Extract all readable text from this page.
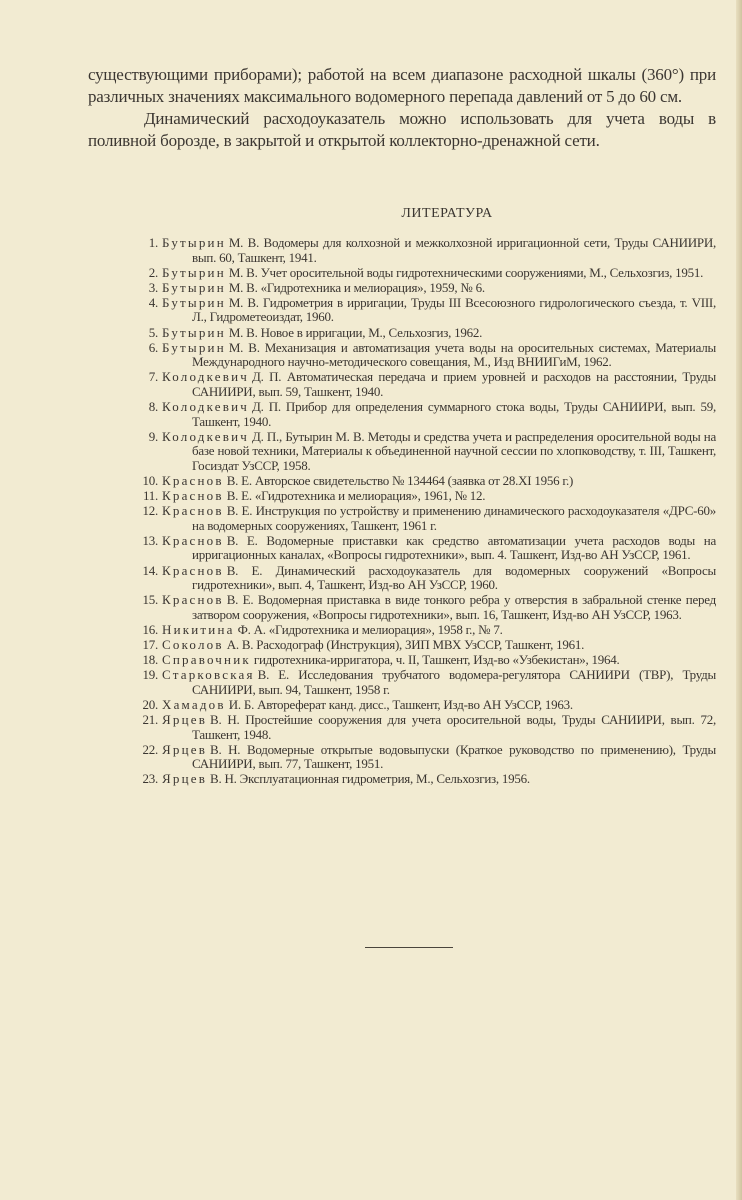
существующими приборами); работой на всем диапазоне расходной шкалы (360°) при различных значениях максимального водомерного перепада давлений от 5 до 60 см.

Динамический расходоуказатель можно использовать для учета воды в поливной борозде, в закрытой и открытой коллекторно-дренажной сети.

ЛИТЕРАТУРА
1. Бутырин М. В. Водомеры для колхозной и межколхозной ирригационной сети, Труды САНИИРИ, вып. 60, Ташкент, 1941.
2. Бутырин М. В. Учет оросительной воды гидротехническими сооружениями, М., Сельхозгиз, 1951.
3. Бутырин М. В. «Гидротехника и мелиорация», 1959, № 6.
4. Бутырин М. В. Гидрометрия в ирригации, Труды III Всесоюзного гидрологического съезда, т. VIII, Л., Гидрометеоиздат, 1960.
5. Бутырин М. В. Новое в ирригации, М., Сельхозгиз, 1962.
6. Бутырин М. В. Механизация и автоматизация учета воды на оросительных системах, Материалы Международного научно-методического совещания, М., Изд ВНИИГиМ, 1962.
7. Колодкевич Д. П. Автоматическая передача и прием уровней и расходов на расстоянии, Труды САНИИРИ, вып. 59, Ташкент, 1940.
8. Колодкевич Д. П. Прибор для определения суммарного стока воды, Труды САНИИРИ, вып. 59, Ташкент, 1940.
9. Колодкевич Д. П., Бутырин М. В. Методы и средства учета и распределения оросительной воды на базе новой техники, Материалы к объединенной научной сессии по хлопководству, т. III, Ташкент, Госиздат УзССР, 1958.
10. Краснов В. Е. Авторское свидетельство № 134464 (заявка от 28.XI 1956 г.)
11. Краснов В. Е. «Гидротехника и мелиорация», 1961, № 12.
12. Краснов В. Е. Инструкция по устройству и применению динамического расходоуказателя «ДРС-60» на водомерных сооружениях, Ташкент, 1961 г.
13. Краснов В. Е. Водомерные приставки как средство автоматизации учета расходов воды на ирригационных каналах, «Вопросы гидротехники», вып. 4. Ташкент, Изд-во АН УзССР, 1961.
14. Краснов В. Е. Динамический расходоуказатель для водомерных сооружений «Вопросы гидротехники», вып. 4, Ташкент, Изд-во АН УзССР, 1960.
15. Краснов В. Е. Водомерная приставка в виде тонкого ребра у отверстия в забральной стенке перед затвором сооружения, «Вопросы гидротехники», вып. 16, Ташкент, Изд-во АН УзССР, 1963.
16. Никитина Ф. А. «Гидротехника и мелиорация», 1958 г., № 7.
17. Соколов А. В. Расходограф (Инструкция), ЗИП МВХ УзССР, Ташкент, 1961.
18. Справочник гидротехника-ирригатора, ч. II, Ташкент, Изд-во «Узбекистан», 1964.
19. Старковская В. Е. Исследования трубчатого водомера-регулятора САНИИРИ (ТВР), Труды САНИИРИ, вып. 94, Ташкент, 1958 г.
20. Хамадов И. Б. Автореферат канд. дисс., Ташкент, Изд-во АН УзССР, 1963.
21. Ярцев В. Н. Простейшие сооружения для учета оросительной воды, Труды САНИИРИ, вып. 72, Ташкент, 1948.
22. Ярцев В. Н. Водомерные открытые водовыпуски (Краткое руководство по применению), Труды САНИИРИ, вып. 77, Ташкент, 1951.
23. Ярцев В. Н. Эксплуатационная гидрометрия, М., Сельхозгиз, 1956.
